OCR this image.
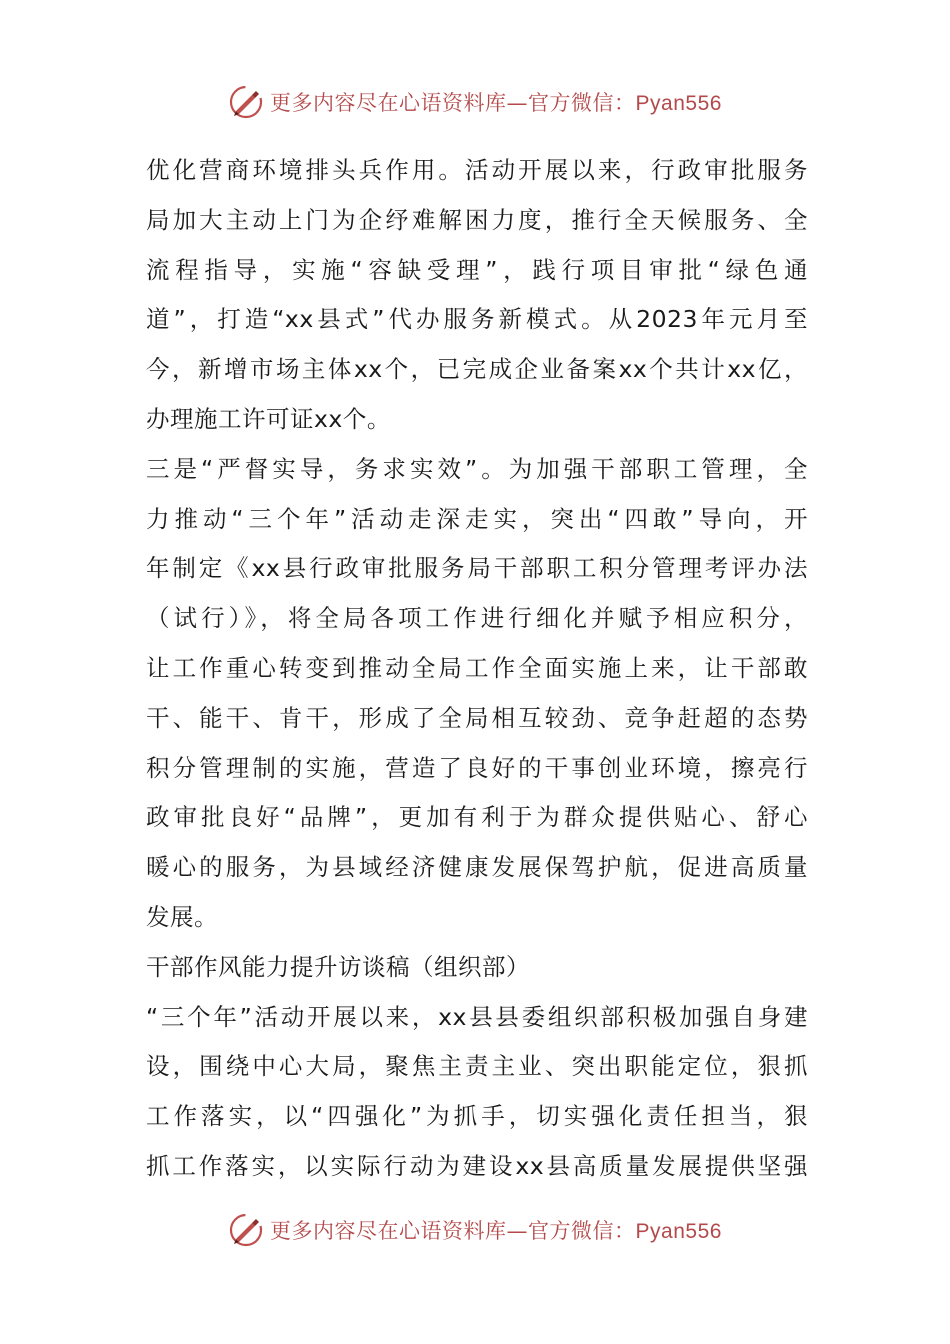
更多内容尽在心语资料库—官方微信：Pyan556
优化营商环境排头兵作用。活动开展以来，行政审批服务
局加大主动上门为企纾难解困力度，推行全天候服务、全
流程指导，实施“容缺受理”，践行项目审批“绿色通
道”，打造“xx县式”代办服务新模式。从2023年元月至
今，新增市场主体xx个，已完成企业备案xx个共计xx亿，
办理施工许可证xx个。
三是“严督实导，务求实效”。为加强干部职工管理，全
力推动“三个年”活动走深走实，突出“四敢”导向，开
年制定《xx县行政审批服务局干部职工积分管理考评办法
（试行）》，将全局各项工作进行细化并赋予相应积分，
让工作重心转变到推动全局工作全面实施上来，让干部敢
干、能干、肯干，形成了全局相互较劲、竞争赶超的态势
积分管理制的实施，营造了良好的干事创业环境，擦亮行
政审批良好“品牌”，更加有利于为群众提供贴心、舒心
暖心的服务，为县域经济健康发展保驾护航，促进高质量
发展。
干部作风能力提升访谈稿（组织部）
“三个年”活动开展以来，xx县县委组织部积极加强自身建
设，围绕中心大局，聚焦主责主业、突出职能定位，狠抓
工作落实，以“四强化”为抓手，切实强化责任担当，狠
抓工作落实，以实际行动为建设xx县高质量发展提供坚强
更多内容尽在心语资料库—官方微信：Pyan556
